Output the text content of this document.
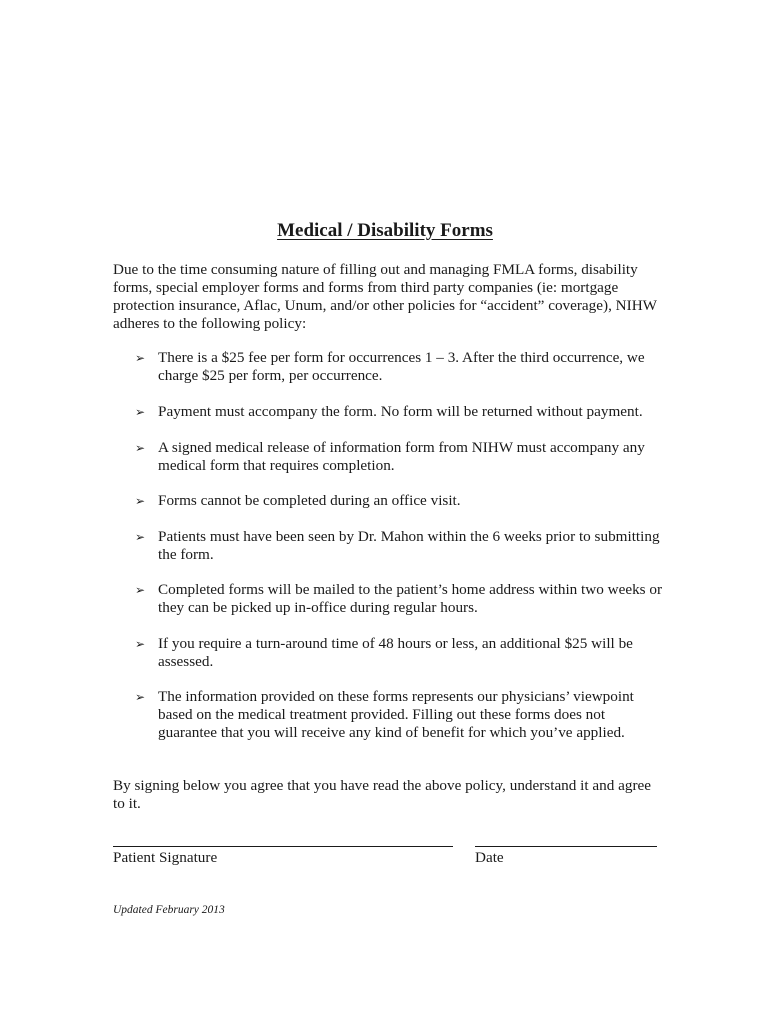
Medical / Disability Forms

Due to the time consuming nature of filling out and managing FMLA forms, disability forms, special employer forms and forms from third party companies (ie: mortgage protection insurance, Aflac, Unum, and/or other policies for “accident” coverage), NIHW adheres to the following policy:

➢ There is a $25 fee per form for occurrences 1 – 3. After the third occurrence, we charge $25 per form, per occurrence.
➢ Payment must accompany the form. No form will be returned without payment.
➢ A signed medical release of information form from NIHW must accompany any medical form that requires completion.
➢ Forms cannot be completed during an office visit.
➢ Patients must have been seen by Dr. Mahon within the 6 weeks prior to submitting the form.
➢ Completed forms will be mailed to the patient’s home address within two weeks or they can be picked up in-office during regular hours.
➢ If you require a turn-around time of 48 hours or less, an additional $25 will be assessed.
➢ The information provided on these forms represents our physicians’ viewpoint based on the medical treatment provided. Filling out these forms does not guarantee that you will receive any kind of benefit for which you’ve applied.

By signing below you agree that you have read the above policy, understand it and agree to it.

Patient Signature	Date
Updated February 2013
